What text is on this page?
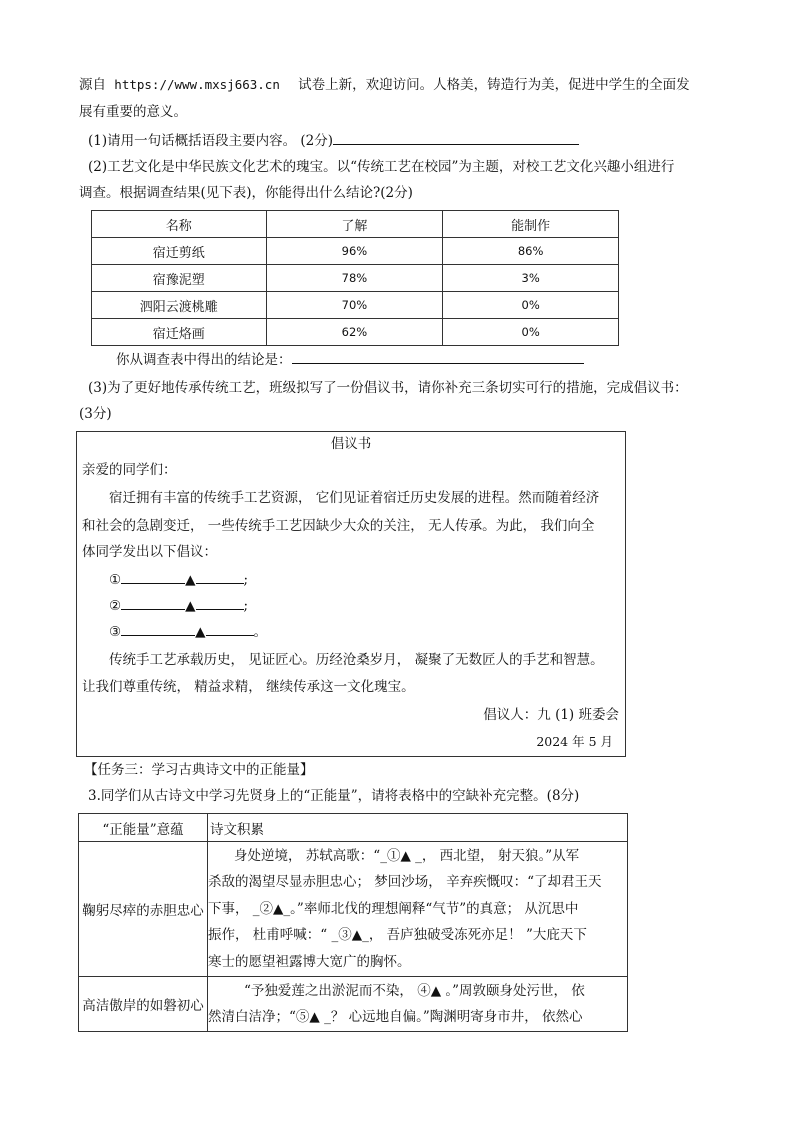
源自 https://www.mxsj663.cn 试卷上新，欢迎访问。人格美，铸造行为美，促进中学生的全面发
展有重要的意义。
(1)请用一句话概括语段主要内容。 (2分)
(2)工艺文化是中华民族文化艺术的瑰宝。以“传统工艺在校园”为主题，对校工艺文化兴趣小组进行
调查。根据调查结果(见下表)，你能得出什么结论?(2分)
名称	了解	能制作
宿迁剪纸	96%	86%
宿豫泥塑	78%	3%
泗阳云渡桃雕	70%	0%
宿迁烙画	62%	0%
你从调查表中得出的结论是：
(3)为了更好地传承传统工艺，班级拟写了一份倡议书，请你补充三条切实可行的措施，完成倡议书：
(3分)
倡议书
亲爱的同学们：
宿迁拥有丰富的传统手工艺资源， 它们见证着宿迁历史发展的进程。然而随着经济
和社会的急剧变迁， 一些传统手工艺因缺少大众的关注， 无人传承。为此， 我们向全
体同学发出以下倡议：
①	▲	;
②	▲	;
③	▲	。
传统手工艺承载历史， 见证匠心。历经沧桑岁月， 凝聚了无数匠人的手艺和智慧。
让我们尊重传统， 精益求精， 继续传承这一文化瑰宝。
倡议人：九 (1) 班委会
2024 年 5 月
【任务三：学习古典诗文中的正能量】
3.同学们从古诗文中学习先贤身上的“正能量”，请将表格中的空缺补充完整。(8分)
“正能量”意蕴	诗文积累
鞠躬尽瘁的赤胆忠心	身处逆境， 苏轼高歌：“_①▲ _， 西北望， 射天狼。”从军
杀敌的渴望尽显赤胆忠心； 梦回沙场， 辛弃疾慨叹：“了却君王天
下事， _②▲_。”率师北伐的理想阐释“气节”的真意； 从沉思中
振作， 杜甫呼喊：“ _③▲_， 吾庐独破受冻死亦足！ ”大庇天下
寒士的愿望袒露博大宽广的胸怀。

高洁傲岸的如磐初心	“予独爱莲之出淤泥而不染， ④▲ 。”周敦颐身处污世， 依
然清白洁净；“⑤▲ _？ 心远地自偏。”陶渊明寄身市井， 依然心
